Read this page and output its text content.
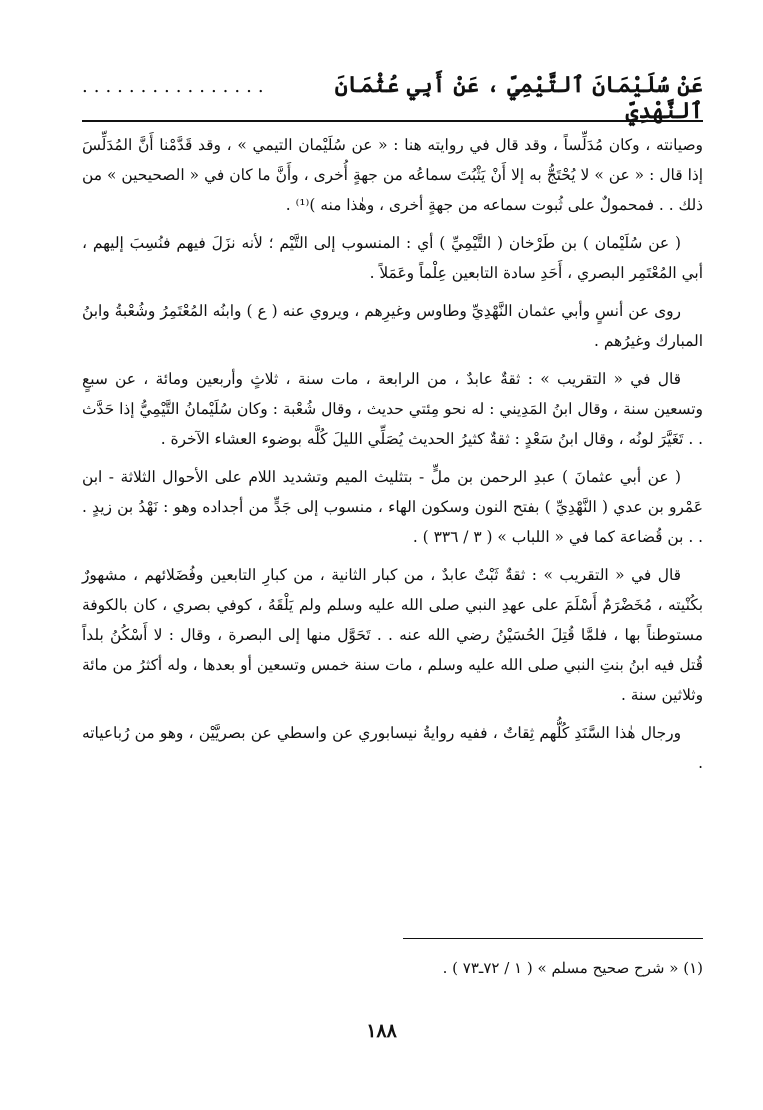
عَنْ سُلَيْمَانَ ٱلتَّيْمِيِّ ، عَنْ أَبِي عُثْمَانَ ٱلنَّهْدِيِّ
................

وصيانته ، وكان مُدَلِّساً ، وقد قال في روايته هنا : « عن سُلَيْمان التيمي » ، وقد قَدَّمْنا أَنَّ المُدَلِّسَ إذا قال : « عن » لا يُحْتَجُّ به إلا أَنْ يَثْبُتَ سماعُه من جهةٍ أُخرى ، وأَنَّ ما كان في « الصحيحين » من ذلك . . فمحمولٌ على ثُبوت سماعه من جهةٍ أخرى ، وهٰذا منه )⁽¹⁾ .

( عن سُلَيْمان ) بن طَرْخان ( التَّيْمِيِّ ) أي : المنسوب إلى التَّيْم ؛ لأنه نزَلَ فيهم فنُسِبَ إليهم ، أبي المُعْتَمِر البصري ، أَحَدِ سادة التابعين عِلْماً وعَمَلاً .

روى عن أنسٍ وأبي عثمان النَّهْدِيِّ وطاوس وغيرِهم ، ويروي عنه ( ع ) وابنُه المُعْتَمِرُ وشُعْبةُ وابنُ المبارك وغيرُهم .

قال في « التقريب » : ثقةٌ عابدٌ ، من الرابعة ، مات سنة ، ثلاثٍ وأربعين ومائة ، عن سبعٍ وتسعين سنة ، وقال ابنُ المَدِيني : له نحو مِئتي حديث ، وقال شُعْبة : وكان سُلَيْمانُ التَّيْمِيُّ إذا حَدَّث . . تَغَيَّرَ لونُه ، وقال ابنُ سَعْدٍ : ثقةٌ كثيرُ الحديث يُصَلِّي الليلَ كُلَّه بوضوء العشاء الآخرة .

( عن أبي عثمانَ ) عبدِ الرحمن بن ملٍّ - بتثليث الميم وتشديد اللام على الأحوال الثلاثة - ابن عَمْرو بن عدي ( النَّهْدِيِّ ) بفتح النون وسكون الهاء ، منسوب إلى جَدٍّ من أجداده وهو : نَهْدُ بن زيدٍ . . . بن قُضاعة كما في « اللباب » ( ٣ / ٣٣٦ ) .

قال في « التقريب » : ثقةٌ ثَبْتٌ عابدٌ ، من كبار الثانية ، من كبارِ التابعين وفُضَلائهم ، مشهورٌ بكُنْيته ، مُخَضْرَمٌ أَسْلَمَ على عهدِ النبي صلى الله عليه وسلم ولم يَلْقَهُ ، كوفي بصري ، كان بالكوفة مستوطناً بها ، فلمَّا قُتِلَ الحُسَيْنُ رضي الله عنه . . تَحَوَّل منها إلى البصرة ، وقال : لا أَسْكُنُ بلداً قُتل فيه ابنُ بنتِ النبي صلى الله عليه وسلم ، مات سنة خمس وتسعين أو بعدها ، وله أكثرُ من مائة وثلاثين سنة .

ورجال هٰذا السَّنَدِ كُلُّهم ثِقاتٌ ، ففيه روايةُ نيسابوري عن واسطي عن بصريَّيْن ، وهو من رُباعياته .

(١) « شرح صحيح مسلم » ( ١ / ٧٢ـ٧٣ ) .
١٨٨
